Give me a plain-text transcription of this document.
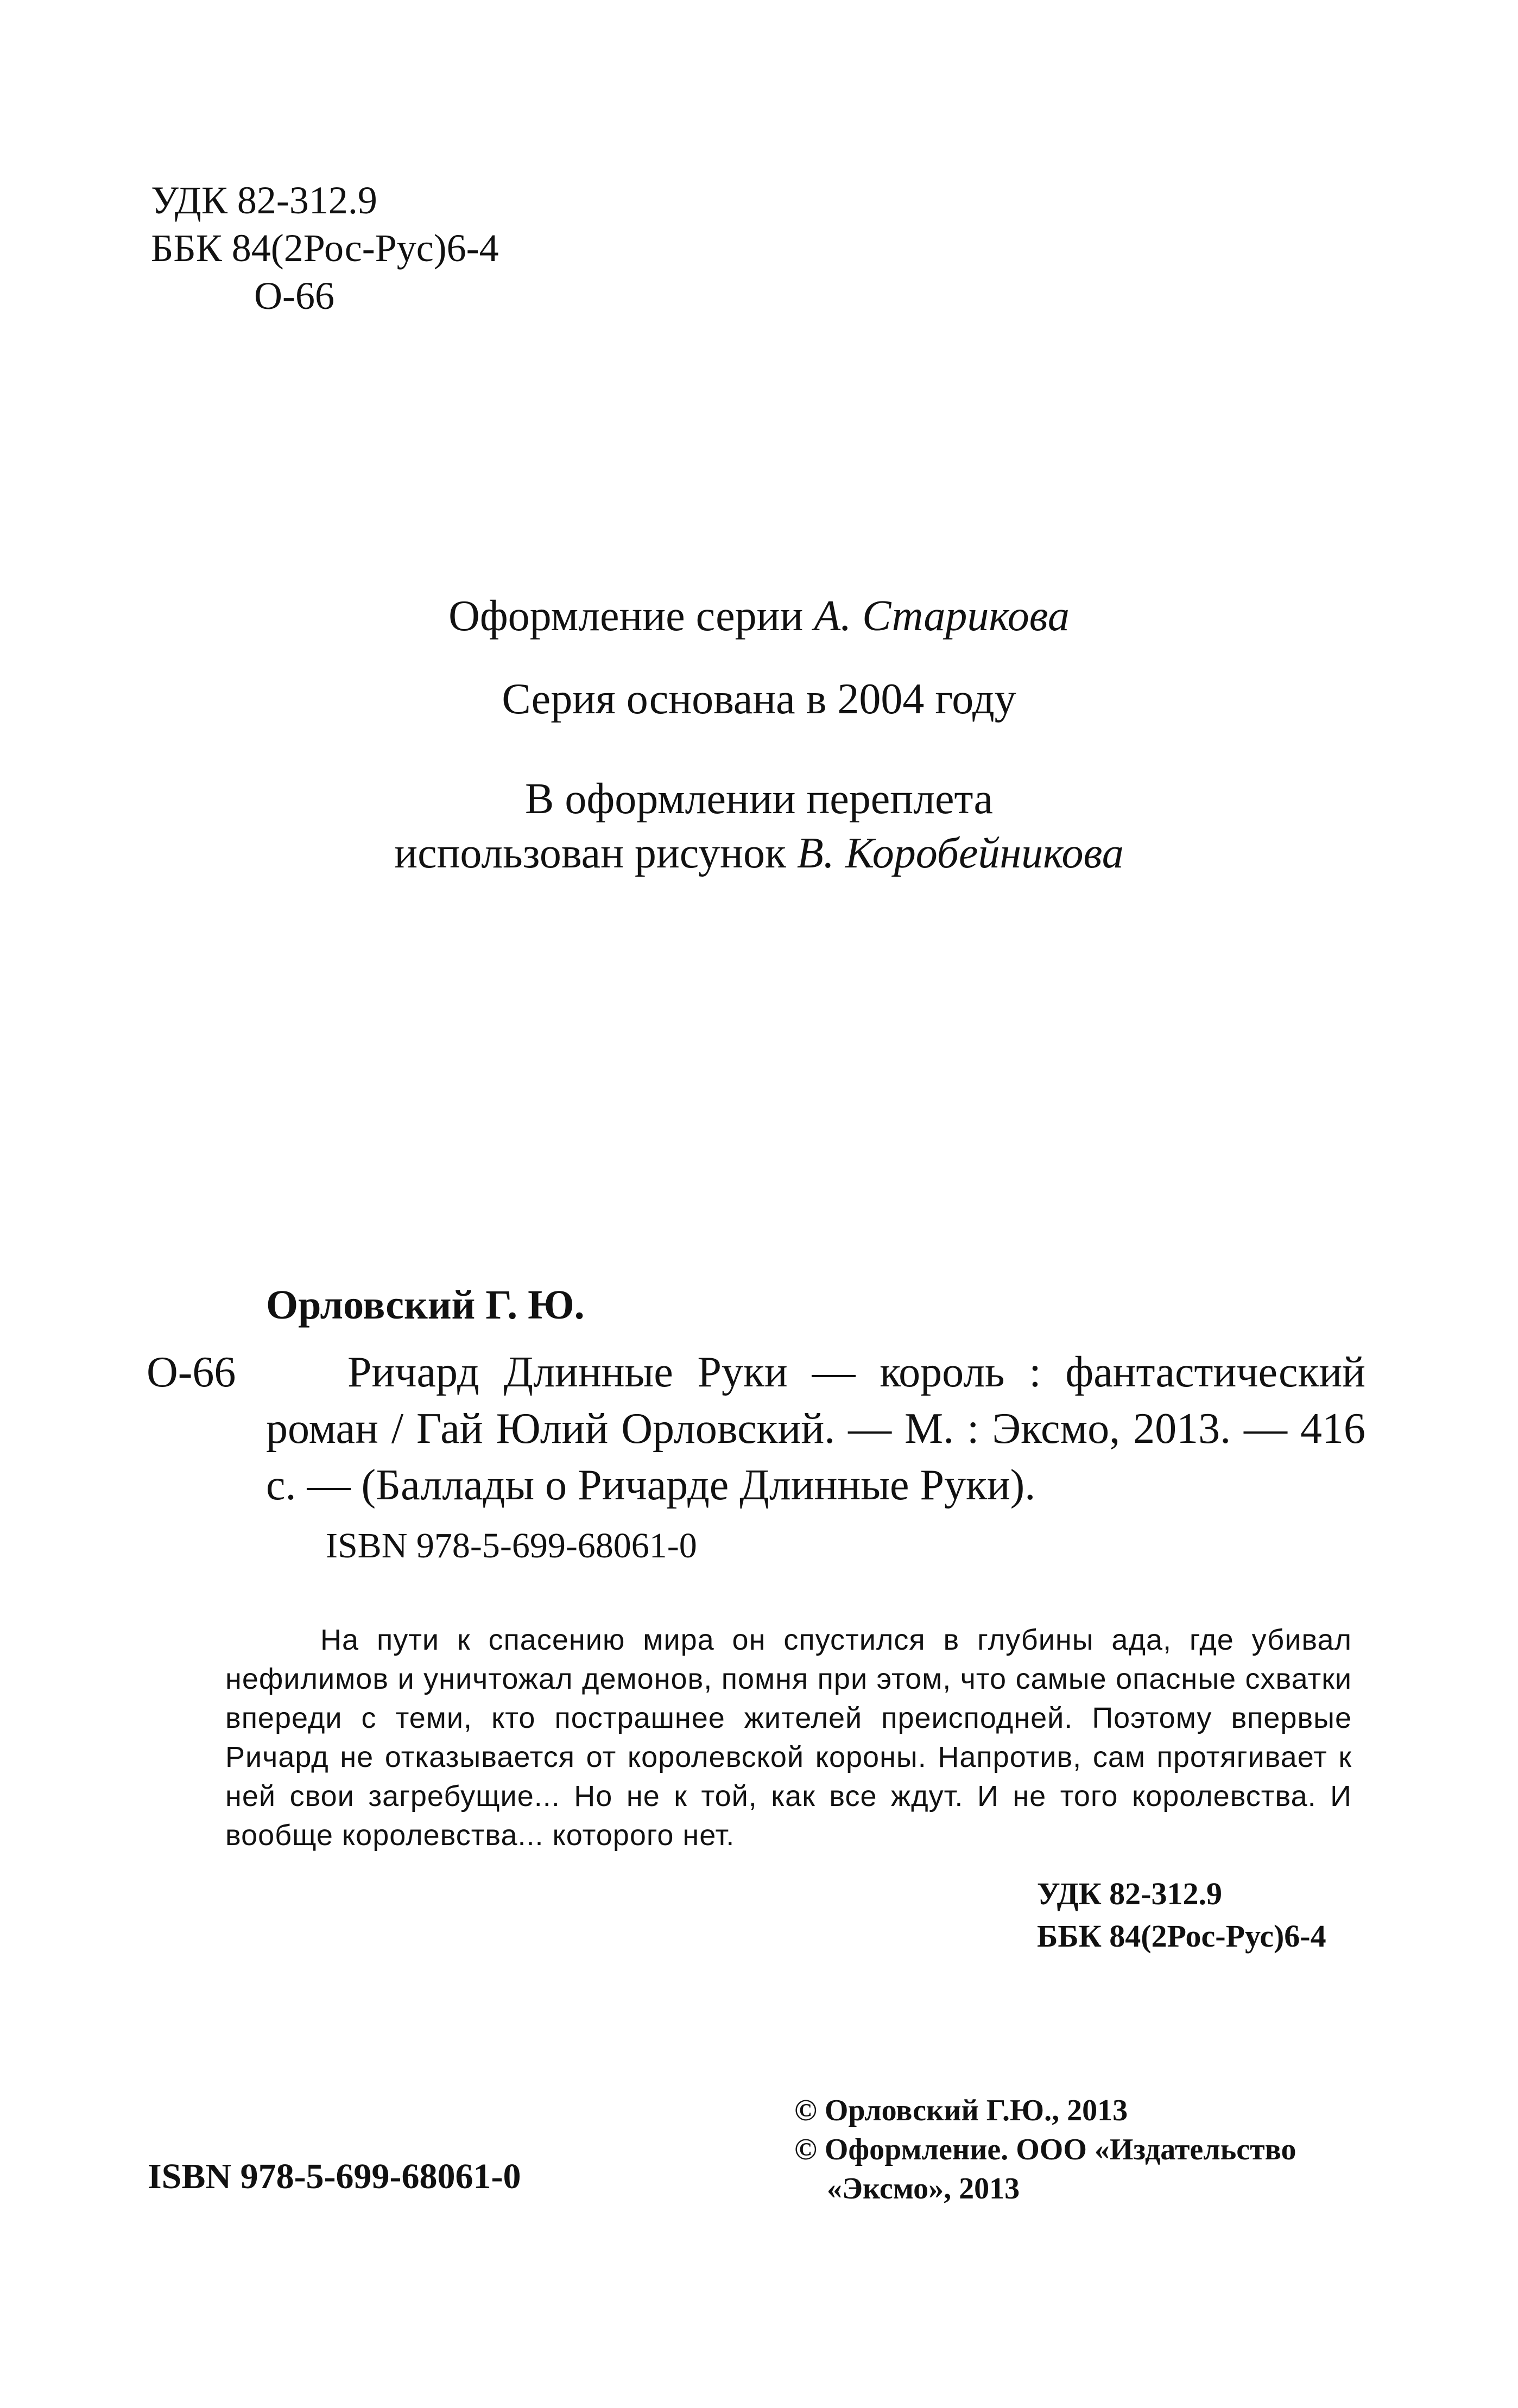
УДК 82-312.9
ББК 84(2Рос-Рус)6-4
О-66
Оформление серии А. Старикова
Серия основана в 2004 году
В оформлении переплета
использован рисунок В. Коробейникова
Орловский Г. Ю.
О-66	Ричард Длинные Руки — король : фантастический роман / Гай Юлий Орловский. — М. : Эксмо, 2013. — 416 с. — (Баллады о Ричарде Длинные Руки).
ISBN 978-5-699-68061-0
На пути к спасению мира он спустился в глубины ада, где убивал нефилимов и уничтожал демонов, помня при этом, что самые опасные схватки впереди с теми, кто пострашнее жителей преисподней. Поэтому впервые Ричард не отказывается от королевской короны. Напротив, сам протягивает к ней свои загребущие... Но не к той, как все ждут. И не того королевства. И вообще королевства... которого нет.
УДК 82-312.9
ББК 84(2Рос-Рус)6-4
© Орловский Г.Ю., 2013
© Оформление. ООО «Издательство
«Эксмо», 2013
ISBN 978-5-699-68061-0
